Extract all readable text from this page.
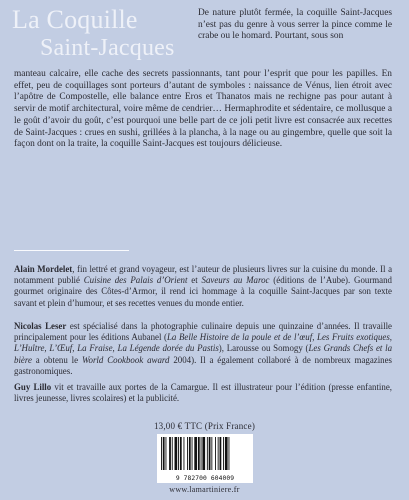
La Coquille
Saint-Jacques

De nature plutôt fermée, la coquille Saint-Jacques n’est pas du genre à vous serrer la pince comme le crabe ou le homard. Pourtant, sous son

manteau calcaire, elle cache des secrets passionnants, tant pour l’esprit que pour les papilles. En effet, peu de coquillages sont porteurs d’autant de symboles : naissance de Vénus, lien étroit avec l’apôtre de Compostelle, elle balance entre Eros et Thanatos mais ne rechigne pas pour autant à servir de motif architectural, voire même de cendrier… Hermaphrodite et sédentaire, ce mollusque a le goût d’avoir du goût, c’est pourquoi une belle part de ce joli petit livre est consacrée aux recettes de Saint-Jacques : crues en sushi, grillées à la plancha, à la nage ou au gingembre, quelle que soit la façon dont on la traite, la coquille Saint-Jacques est toujours délicieuse.

Alain Mordelet, fin lettré et grand voyageur, est l’auteur de plusieurs livres sur la cuisine du monde. Il a notamment publié Cuisine des Palais d’Orient et Saveurs au Maroc (éditions de l’Aube). Gourmand gourmet originaire des Côtes-d’Armor, il rend ici hommage à la coquille Saint-Jacques par son texte savant et plein d’humour, et ses recettes venues du monde entier.

Nicolas Leser est spécialisé dans la photographie culinaire depuis une quinzaine d’années. Il travaille principalement pour les éditions Aubanel (La Belle Histoire de la poule et de l’œuf, Les Fruits exotiques, L’Huître, L’Œuf, La Fraise, La Légende dorée du Pastis), Larousse ou Somogy (Les Grands Chefs et la bière a obtenu le World Cookbook award 2004). Il a également collaboré à de nombreux magazines gastronomiques.

Guy Lillo vit et travaille aux portes de la Camargue. Il est illustrateur pour l’édition (presse enfantine, livres jeunesse, livres scolaires) et la publicité.

13,00 € TTC (Prix France)
9 782700 604009
www.lamartiniere.fr
